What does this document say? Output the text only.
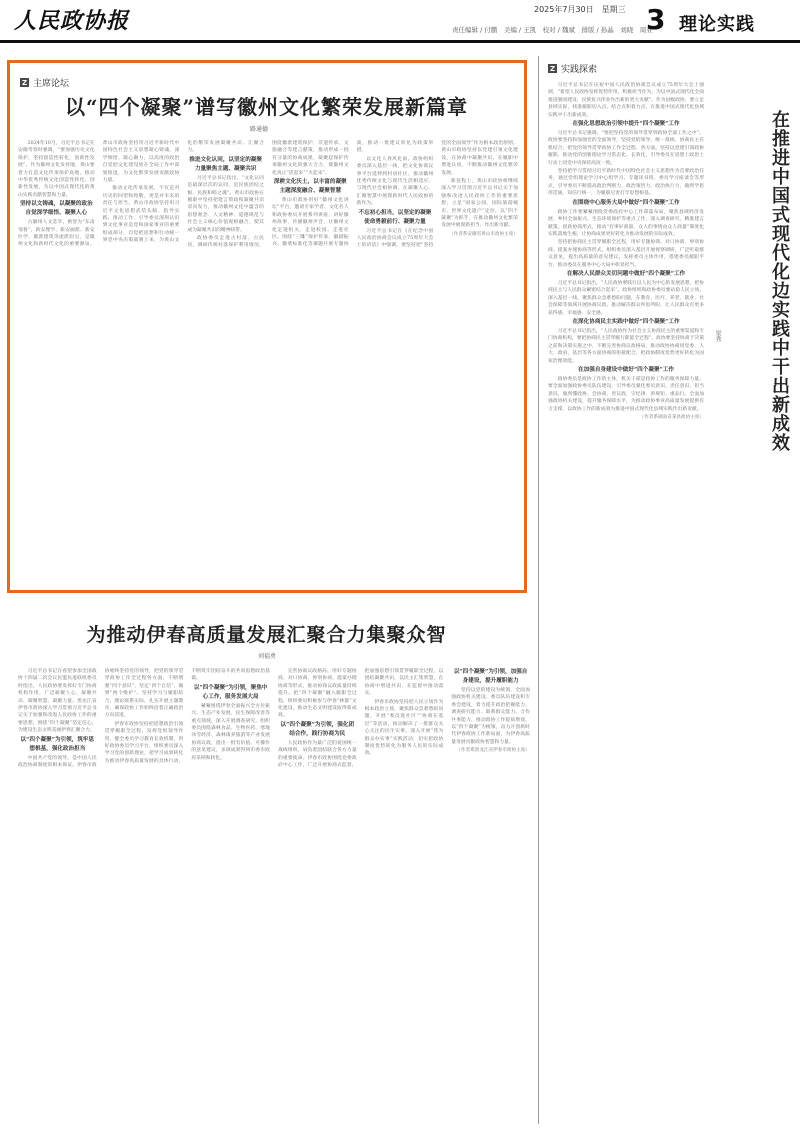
人民政协报	2025年7月30日　星期三
责任编辑 / 付鹏　美编 / 王凯　校对 / 魏斌　排版 / 孙晶　刘晓　周亚
3 理论实践
Z 主席论坛
以“四个凝聚”谱写徽州文化繁荣发展新篇章
路通德

2024年10月，习近平总书记在安徽考察时强调，“要加强历史文化保护，坚持创造性转化、创新性发展”。作为徽州文化发祥地，黄山要着力打造文化传承保护高地，推动中华优秀传统文化创造性转化、创新性发展，为以中国式现代化的黄山实践贡献智慧和力量。

坚持以文铸魂，以凝聚的政治自觉深学细悟、凝聚人心

古徽州人文荟萃，被誉为“东南邹鲁”，新安理学、新安画派、新安医学、徽派建筑等流派纷呈，是徽州文化和新时代文化的重要源泉。黄山市政协坚持用习近平新时代中国特色社会主义思想凝心铸魂，深学细悟、凝心聚力，以高度的政治自觉把文化建设放在全局工作中谋划推进，为文化繁荣发展贡献政协力量。

推动文化传承发展，不仅是对历史的回望和致敬，更是对未来的责任与担当。黄山市政协坚持用习近平文化思想武装头脑、指导实践、推动工作，引导委员深刻认识到文化事业是党和国家事业的重要组成部分，自觉把思想和行动统一到党中央决策部署上来，为黄山文化的繁荣发展凝聚共识、汇聚合力。

推进文化认同，以坚定的凝聚力量聚焦主题、凝聚共识

习近平总书记指出，“文化认同是最深层次的认同，是民族团结之根、民族和睦之魂”。黄山市政协在履职中坚持把建言资政和凝聚共识双向发力，推动徽州文化中蕴含的思想观念、人文精神、道德规范与社会主义核心价值观相融合，使其成为凝聚共识的精神纽带。

政协委员走进古村落、古民居，调研传统村落保护利用情况，围绕徽派建筑保护、非遗传承、文旅融合等建言献策，推动形成一批有分量的协商成果，凝聚起保护传承徽州文化的强大合力，使徽州文化真正“活起来”“火起来”。

深耕文化沃土，以丰富的凝聚主题深度融合、凝聚智慧

黄山市政协用好“徽州文化讲坛”平台，邀请专家学者、文化名人和政协委员开展系列讲座，讲好徽州故事，传播徽州声音，让徽州文化走进机关、走进校园、走进社区。围绕“三雕”保护传承、徽剧振兴、徽菜标准化等课题开展专题协商，推动一批建议转化为政策举措。

以文化人春风化雨。政协组织委员深入基层一线，把文化协商议事平台延伸到村居社区，推动徽州优秀传统文化与现代生活相适应、与现代社会相协调，在凝聚人心、汇聚智慧中展现新时代人民政协的新作为。

不忘初心担当，以坚定的凝聚使命勇毅前行、凝聚力量

习近平总书记在《在纪念中国人民政治协商会议成立75周年大会上的讲话》中强调，要坚持把“坚持党的全面领导”作为根本政治原则。黄山市政协坚持以党建引领文化建设，在协商中凝聚共识，在履职中增进认同，不断推动徽州文化繁荣发展。

新征程上，黄山市政协将继续深入学习贯彻习近平总书记关于加强和改进人民政协工作的重要思想，立足“国家公园、国际旅游城市、世界文化遗产”定位，以“四个凝聚”为抓手，在推动徽州文化繁荣发展中展现新担当、作出新贡献。

（作者系安徽省黄山市政协主席）

为推动伊春高质量发展汇聚合力集聚众智
刘福勇

习近平总书记在看望参加全国政协十四届二次会议民盟民进联组委员时指出，人民政协要发挥好专门协商机构作用，广泛凝聚人心、凝聚共识、凝聚智慧、凝聚力量。黑龙江省伊春市政协深入学习贯彻习近平总书记关于加强和改进人民政协工作的重要思想，围绕“四个凝聚”坚定信心，为建设生态文明美丽伊春汇聚合力。

以“四个凝聚”为引领，筑牢思想根基，强化政治担当

中国共产党的领导，是中国人民政治协商制度的根本保证。伊春市政协始终坚持党的领导，把党的领导贯穿政协工作全过程各方面，不断增强“四个意识”、坚定“四个自信”、做到“两个维护”。坚持学习与履职结合，理论联系实际，扎实开展主题教育，确保政协工作始终沿着正确政治方向前进。

伊春市政协坚持把思想政治引领贯穿履职全过程，发挥党组领导作用，健全委员学习教育长效机制，用好政协委员学习平台，组织委员深入学习党的创新理论，把学习成果转化为推动伊春高质量发展的具体行动，不断筑牢团结奋斗的共同思想政治基础。

以“四个凝聚”为引领，聚焦中心工作，服务发展大局

紧紧围绕伊春全面振兴全方位振兴、生态产业发展、民生保障改善等重点领域，深入开展调查研究，组织委员围绕森林食品、生物医药、寒地冰雪经济、森林康养旅游等产业发展协商议政，提出一批有价值、可操作的意见建议，多项成果得到市委市政府采纳和转化。

完善协商议政格局，用好专题协商、对口协商、界别协商、提案办理协商等形式，推动协商议政质量持续提升。把“四个凝聚”融入履职全过程，组织委员积极参与伊春“林都”文化建设，推动生态文明建设取得新成效。

以“四个凝聚”为引领，强化团结合作，践行协商为民

人民政协作为最广泛的爱国统一战线组织，肩负着团结联合各方力量的重要使命。伊春市政协围绕党委政府中心工作，广泛开展协商式监督，把加强思想引领贯穿履职全过程，以团结凝聚共识，以民主汇集智慧，在协商中增进共识、在监督中推动落实。

伊春市政协坚持把人民立场作为根本政治立场，聚焦群众急难愁盼问题，开展“委员进社区”“协商在基层”等活动，推动解决了一批群众关心关注的民生实事。深入开展“我为群众办实事”实践活动，切实把政协制度优势转化为服务人民的实际成效。

以“四个凝聚”为引领，加强自身建设，提升履职能力

坚持以党的建设为统领，全面加强政协机关建设、委员队伍建设和专委会建设，着力提升政治把握能力、调查研究能力、联系群众能力、合作共事能力，推动政协工作提质增效。以“四个凝聚”为统领，奋力开创新时代伊春政协工作新局面，为伊春高质量发展贡献政协智慧和力量。

（作者系黑龙江省伊春市政协主席）

Z 实践探索
在推进中国式现代化边实践中干出新成效
梁秀

习近平总书记在庆祝中国人民政治协商会议成立75周年大会上强调，“希望人民政协发挥优势作用，积极担当作为，为以中国式现代化全面推进强国建设、民族复兴伟业作出新的更大贡献”。作为县级政协，要立足县域实际，找准履职切入点、结合点和着力点，在推进中国式现代化县域实践中干出新成效。

在强化思想政治引领中提升“四个凝聚”工作

习近平总书记强调，“要把坚持党的领导贯穿到政协全部工作之中”。政协要坚持和加强党的全面领导，坚持党的领导、统一战线、协商民主有机结合，把党的领导贯穿政协工作全过程、各方面。坚持以党建引领政协履职，推动党的创新理论学习常态化、长效化，引导委员在思想上政治上行动上同党中央保持高度一致。

坚持把学习贯彻习近平新时代中国特色社会主义思想作为首要政治任务，通过党组理论学习中心组学习、专题读书班、委员学习座谈会等形式，引导委员不断提高政治判断力、政治领悟力、政治执行力，做到学思用贯通、知信行统一，为履职尽责打牢思想根基。

在围绕中心服务大局中做好“四个凝聚”工作

政协工作要紧紧围绕党委政府中心工作谋篇布局，聚焦县域经济发展、乡村全面振兴、生态环境保护等重点工作，深入调查研究，精准建言献策。创新协商形式，推动“有事好商量、众人的事情由众人商量”制度化实践落地生根，让协商成果更好转化为推动发展的实际成效。

坚持把协商民主贯穿履职全过程，用好专题协商、对口协商、界别协商、提案办理协商等形式，组织委员深入基层开展视察调研，广泛听取群众意见，提出高质量的意见建议。发挥委员主体作用，搭建委员履职平台，推动委员在服务中心大局中彰显担当。

在解决人民群众关切问题中做好“四个凝聚”工作

习近平总书记指出，“人民政协要践行以人民为中心的发展思想，把协商民主与人民群众紧密结合起来”。政协组织和政协委员要站稳人民立场，深入基层一线，聚焦群众急难愁盼问题，在教育、医疗、养老、就业、社会保障等领域开展协商议政，推动解决群众所思所盼，让人民群众有更多获得感、幸福感、安全感。

在深化协商民主实践中做好“四个凝聚”工作

习近平总书记指出，“人民政协作为社会主义协商民主的重要渠道和专门协商机构，要把协商民主贯穿履行职能全过程”。政协要坚持协商于决策之前和决策实施之中，不断完善协商议政格局，推动政协协商同党委、人大、政府、基层等各方面协商的衔接配合，把政协制度优势更好转化为国家治理效能。

在加强自身建设中做好“四个凝聚”工作

政协委员是政协工作的主体，机关干部是政协工作的服务保障力量。要全面加强政协委员队伍建设，引导委员强化委员意识、责任意识、担当意识，做到懂政协、会协商、善议政，守纪律、讲规矩、重品行。全面加强政协机关建设，提升服务保障水平，为推动政协事业高质量发展提供有力支撑，以政协工作的新成效为推进中国式现代化县域实践作出新贡献。

（作者系湖南省某县政协主席）
